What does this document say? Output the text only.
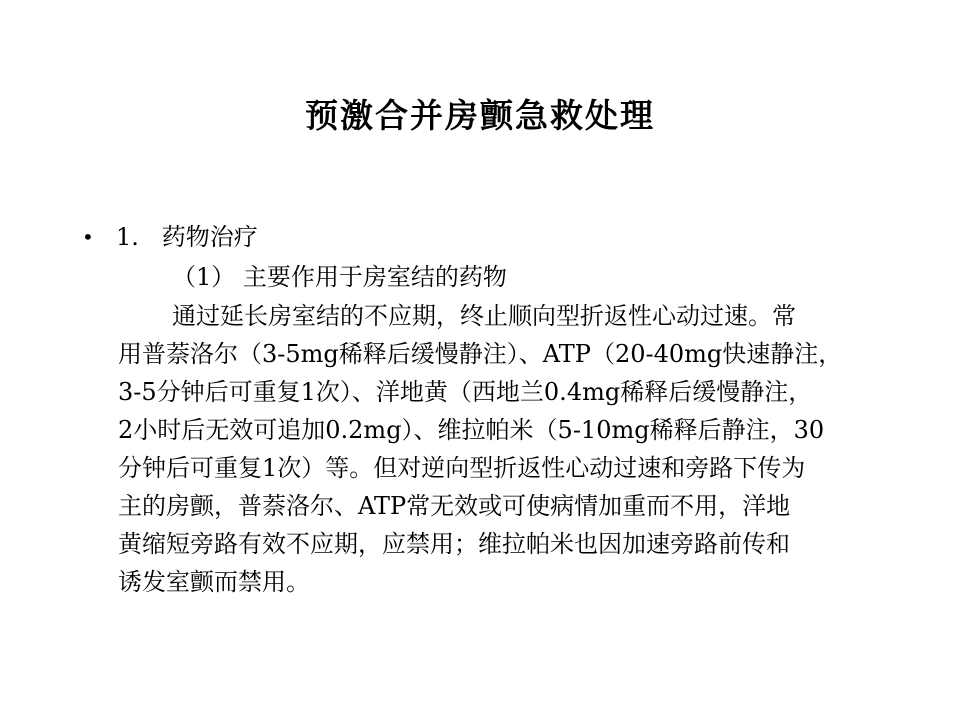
预激合并房颤急救处理
• 1. 药物治疗
（1） 主要作用于房室结的药物
通过延长房室结的不应期，终止顺向型折返性心动过速。常
用普萘洛尔（3-5mg稀释后缓慢静注）、ATP（20-40mg快速静注，
3-5分钟后可重复1次）、洋地黄（西地兰0.4mg稀释后缓慢静注，
2小时后无效可追加0.2mg）、维拉帕米（5-10mg稀释后静注，30
分钟后可重复1次）等。但对逆向型折返性心动过速和旁路下传为
主的房颤，普萘洛尔、ATP常无效或可使病情加重而不用，洋地
黄缩短旁路有效不应期，应禁用；维拉帕米也因加速旁路前传和
诱发室颤而禁用。
